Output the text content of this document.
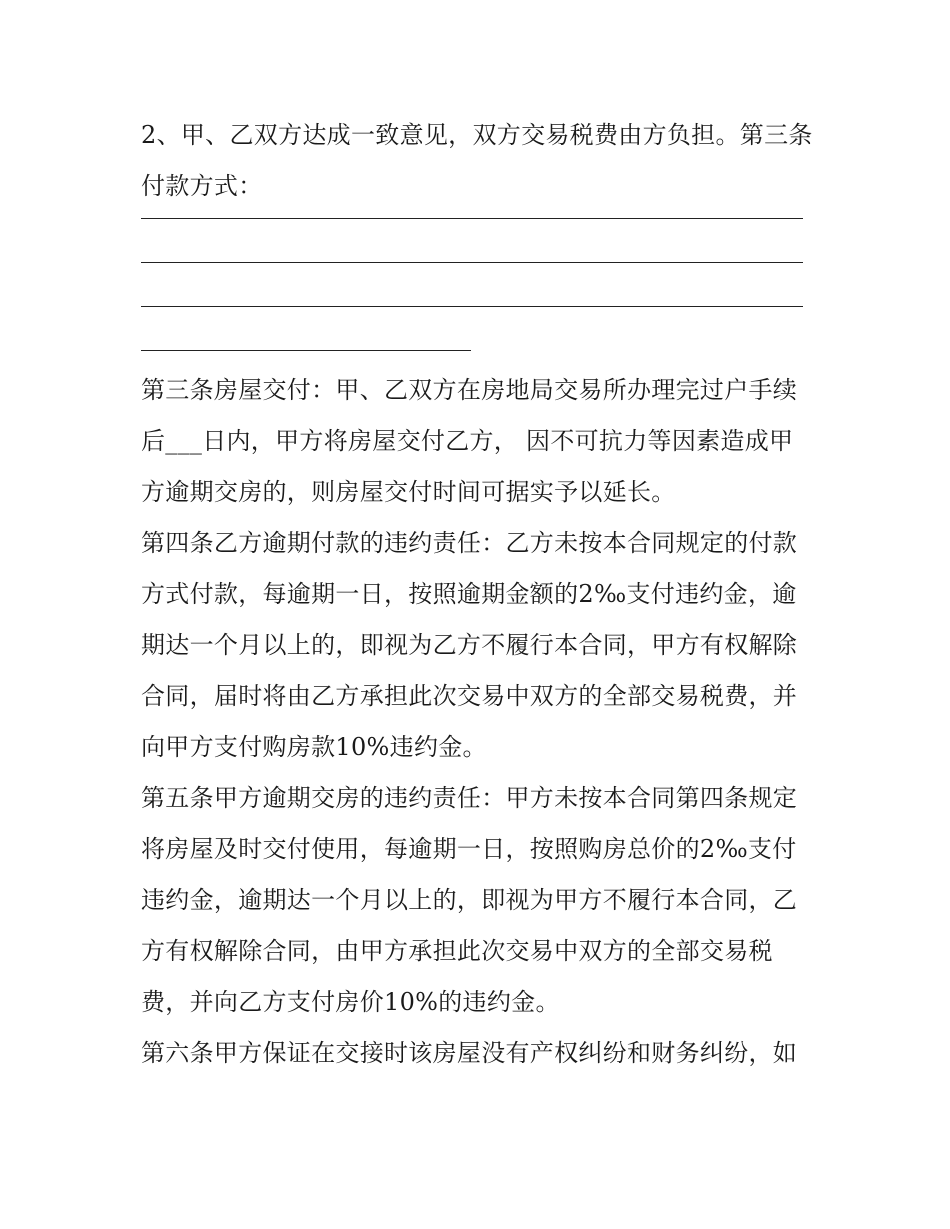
2、甲、乙双方达成一致意见，双方交易税费由方负担。第三条付款方式：

第三条房屋交付：甲、乙双方在房地局交易所办理完过户手续后___日内，甲方将房屋交付乙方， 因不可抗力等因素造成甲方逾期交房的，则房屋交付时间可据实予以延长。

第四条乙方逾期付款的违约责任：乙方未按本合同规定的付款方式付款，每逾期一日，按照逾期金额的2‰支付违约金，逾期达一个月以上的，即视为乙方不履行本合同，甲方有权解除合同，届时将由乙方承担此次交易中双方的全部交易税费，并向甲方支付购房款10%违约金。

第五条甲方逾期交房的违约责任：甲方未按本合同第四条规定将房屋及时交付使用，每逾期一日，按照购房总价的2‰支付违约金，逾期达一个月以上的，即视为甲方不履行本合同，乙方有权解除合同，由甲方承担此次交易中双方的全部交易税费，并向乙方支付房价10%的违约金。

第六条甲方保证在交接时该房屋没有产权纠纷和财务纠纷，如
